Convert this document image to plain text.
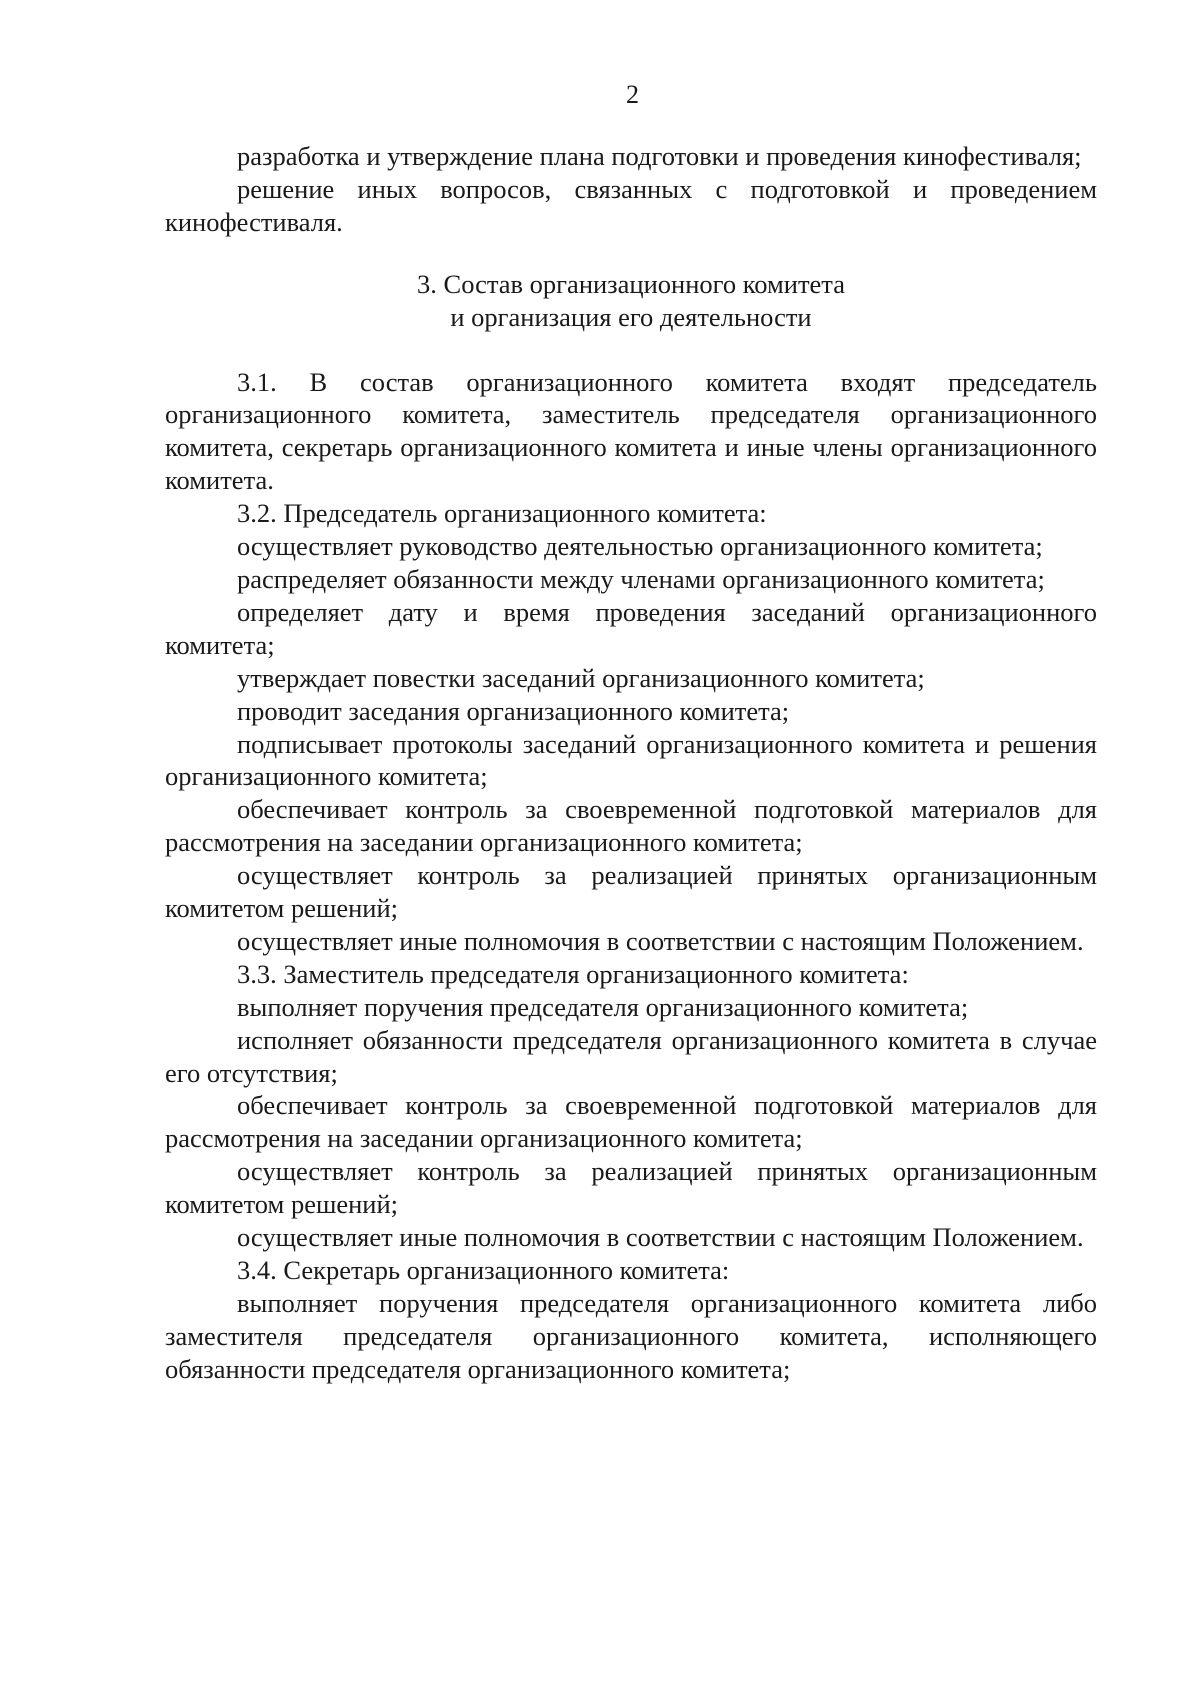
2

разработка и утверждение плана подготовки и проведения кинофестиваля;

решение иных вопросов, связанных с подготовкой и проведением кинофестиваля.

3. Состав организационного комитета

и организация его деятельности

3.1. В состав организационного комитета входят председатель организационного комитета, заместитель председателя организационного комитета, секретарь организационного комитета и иные члены организационного комитета.

3.2. Председатель организационного комитета:

осуществляет руководство деятельностью организационного комитета;

распределяет обязанности между членами организационного комитета;

определяет дату и время проведения заседаний организационного комитета;

утверждает повестки заседаний организационного комитета;

проводит заседания организационного комитета;

подписывает протоколы заседаний организационного комитета и решения организационного комитета;

обеспечивает контроль за своевременной подготовкой материалов для рассмотрения на заседании организационного комитета;

осуществляет контроль за реализацией принятых организационным комитетом решений;

осуществляет иные полномочия в соответствии с настоящим Положением.

3.3. Заместитель председателя организационного комитета:

выполняет поручения председателя организационного комитета;

исполняет обязанности председателя организационного комитета в случае его отсутствия;

обеспечивает контроль за своевременной подготовкой материалов для рассмотрения на заседании организационного комитета;

осуществляет контроль за реализацией принятых организационным комитетом решений;

осуществляет иные полномочия в соответствии с настоящим Положением.

3.4. Секретарь организационного комитета:

выполняет поручения председателя организационного комитета либо заместителя председателя организационного комитета, исполняющего обязанности председателя организационного комитета;
